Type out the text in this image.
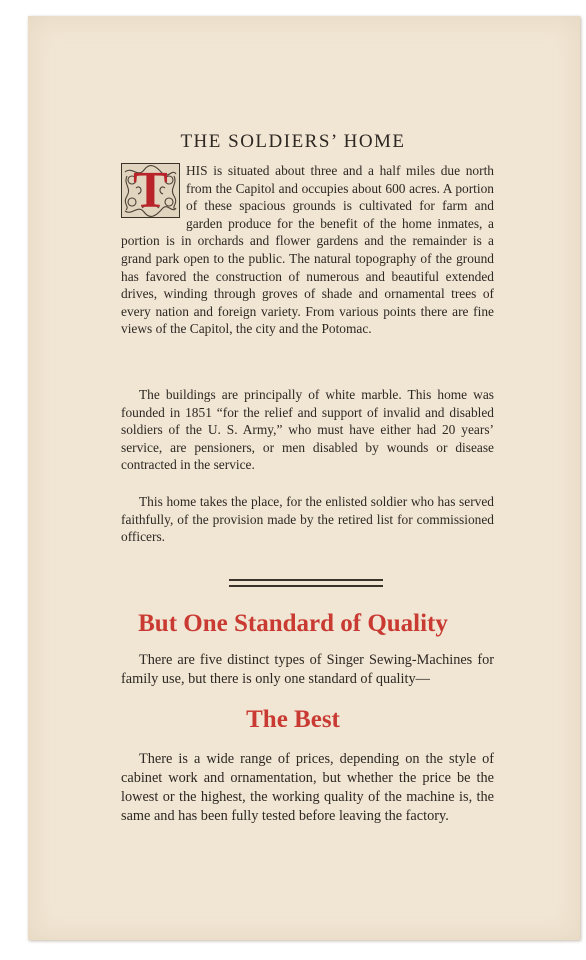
THE SOLDIERS’ HOME

T	HIS is situated about three and a half miles due north from the Capitol and occupies about 600 acres. A portion of these spacious grounds is cultivated for farm and garden produce for the benefit of the home inmates, a portion is in orchards and flower gardens and the remainder is a grand park open to the public. The natural topography of the ground has favored the construction of numerous and beautiful extended drives, winding through groves of shade and ornamental trees of every nation and foreign variety. From various points there are fine views of the Capitol, the city and the Potomac.

The buildings are principally of white marble. This home was founded in 1851 “for the relief and support of invalid and disabled soldiers of the U. S. Army,” who must have either had 20 years’ service, are pensioners, or men disabled by wounds or disease contracted in the service.

This home takes the place, for the enlisted soldier who has served faithfully, of the provision made by the retired list for commissioned officers.

But One Standard of Quality

There are five distinct types of Singer Sewing-Machines for family use, but there is only one standard of quality—

The Best

There is a wide range of prices, depending on the style of cabinet work and ornamentation, but whether the price be the lowest or the highest, the working quality of the machine is, the same and has been fully tested before leaving the factory.
